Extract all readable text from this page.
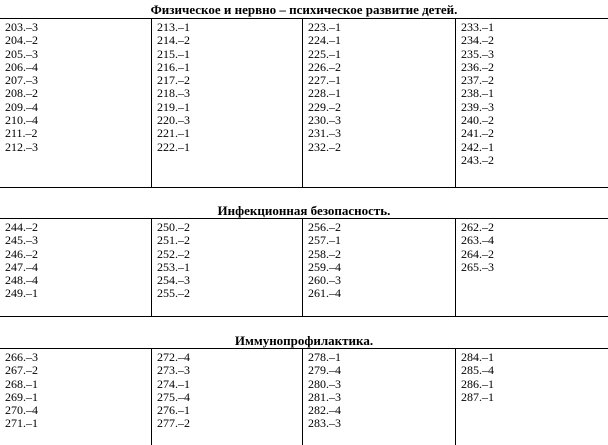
Физическое и нервно – психическое развитие детей.
203.–3
204.–2
205.–3
206.–4
207.–3
208.–2
209.–4
210.–4
211.–2
212.–3
213.–1
214.–2
215.–1
216.–1
217.–2
218.–3
219.–1
220.–3
221.–1
222.–1
223.–1
224.–1
225.–1
226.–2
227.–1
228.–1
229.–2
230.–3
231.–3
232.–2
233.–1
234.–2
235.–3
236.–2
237.–2
238.–1
239.–3
240.–2
241.–2
242.–1
243.–2
Инфекционная безопасность.
244.–2
245.–3
246.–2
247.–4
248.–4
249.–1
250.–2
251.–2
252.–2
253.–1
254.–3
255.–2
256.–2
257.–1
258.–2
259.–4
260.–3
261.–4
262.–2
263.–4
264.–2
265.–3
Иммунопрофилактика.
266.–3
267.–2
268.–1
269.–1
270.–4
271.–1
272.–4
273.–3
274.–1
275.–4
276.–1
277.–2
278.–1
279.–4
280.–3
281.–3
282.–4
283.–3
284.–1
285.–4
286.–1
287.–1
